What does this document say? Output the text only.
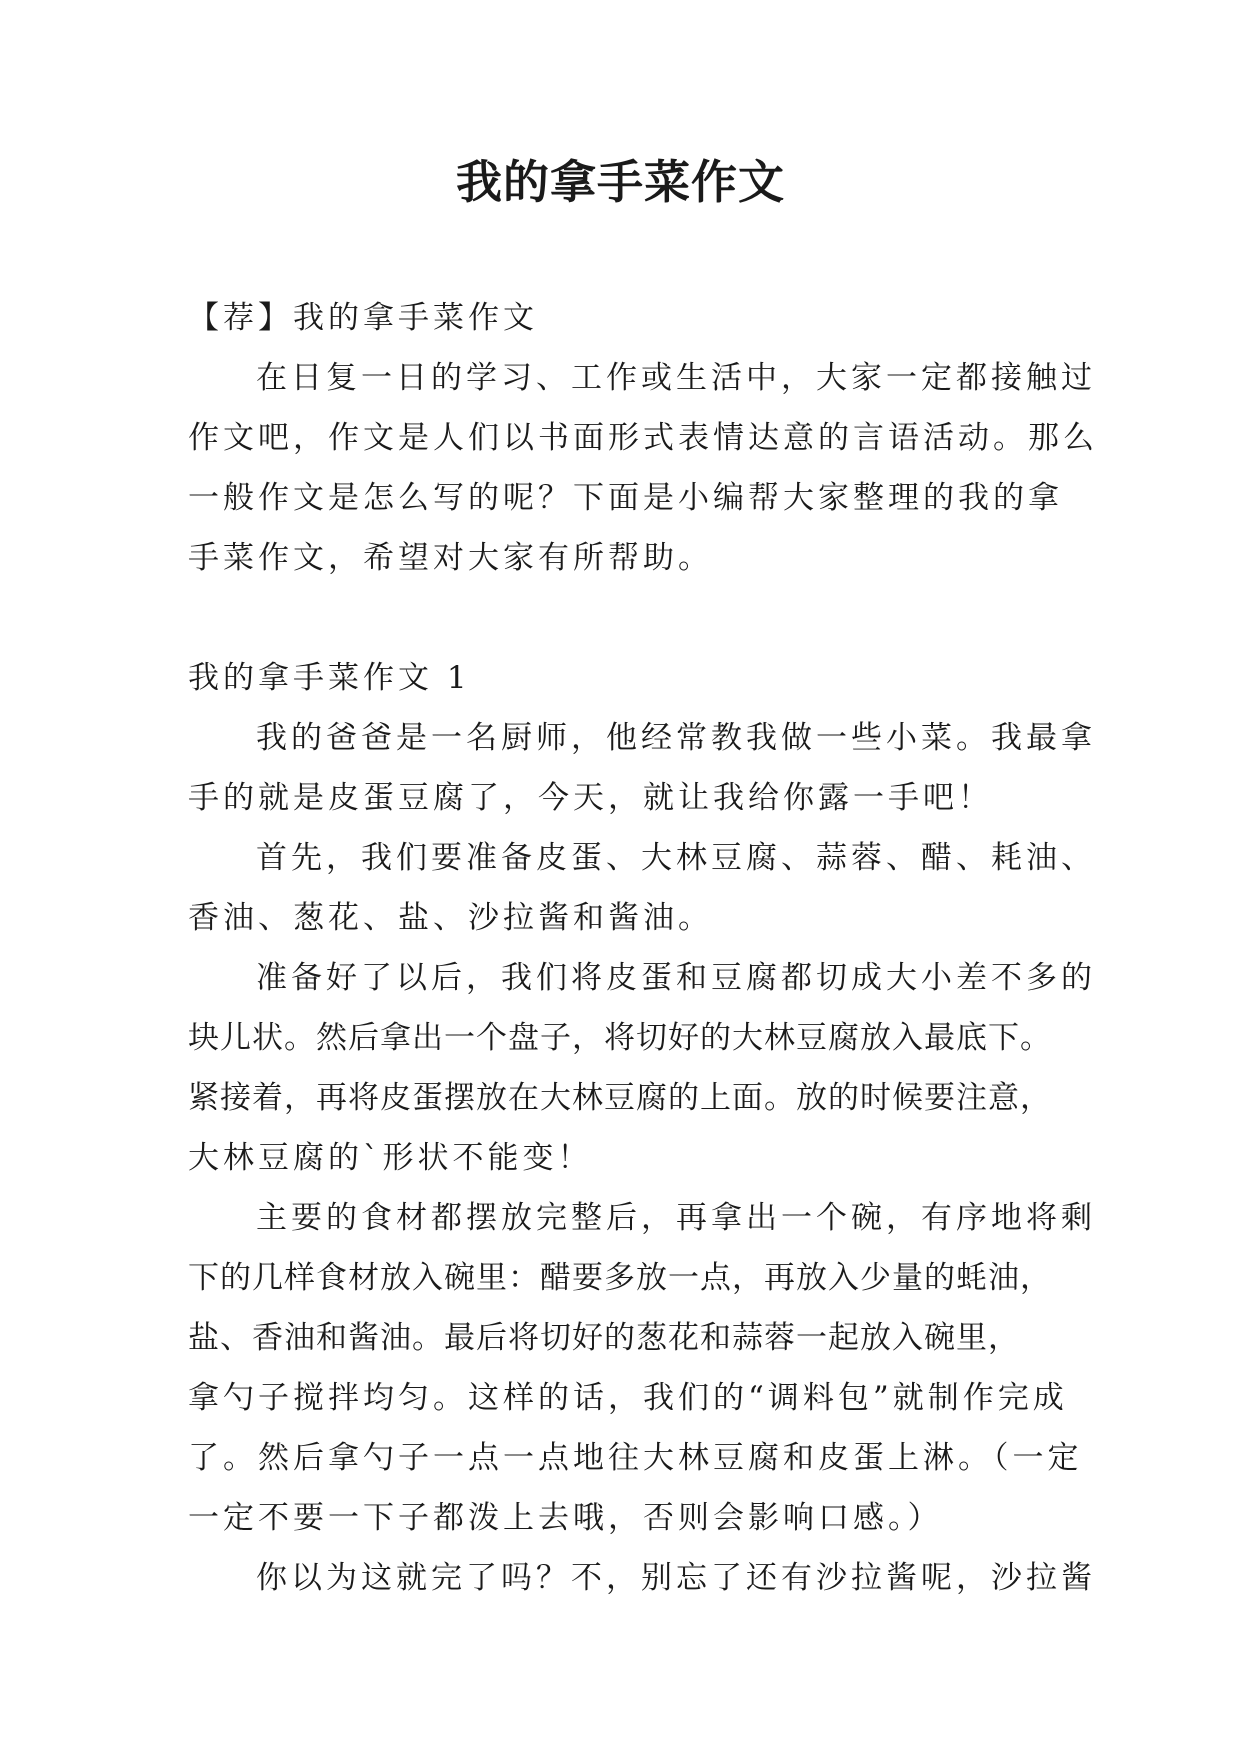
我的拿手菜作文
【荐】我的拿手菜作文
在日复一日的学习、工作或生活中，大家一定都接触过
作文吧，作文是人们以书面形式表情达意的言语活动。那么
一般作文是怎么写的呢？下面是小编帮大家整理的我的拿
手菜作文，希望对大家有所帮助。
我的拿手菜作文 1
我的爸爸是一名厨师，他经常教我做一些小菜。我最拿
手的就是皮蛋豆腐了，今天，就让我给你露一手吧！
首先，我们要准备皮蛋、大林豆腐、蒜蓉、醋、耗油、
香油、葱花、盐、沙拉酱和酱油。
准备好了以后，我们将皮蛋和豆腐都切成大小差不多的
块儿状。然后拿出一个盘子，将切好的大林豆腐放入最底下。
紧接着，再将皮蛋摆放在大林豆腐的上面。放的时候要注意，
大林豆腐的`形状不能变！
主要的食材都摆放完整后，再拿出一个碗，有序地将剩
下的几样食材放入碗里：醋要多放一点，再放入少量的蚝油，
盐、香油和酱油。最后将切好的葱花和蒜蓉一起放入碗里，
拿勺子搅拌均匀。这样的话，我们的“调料包”就制作完成
了。然后拿勺子一点一点地往大林豆腐和皮蛋上淋。（一定
一定不要一下子都泼上去哦，否则会影响口感。）
你以为这就完了吗？不，别忘了还有沙拉酱呢，沙拉酱
